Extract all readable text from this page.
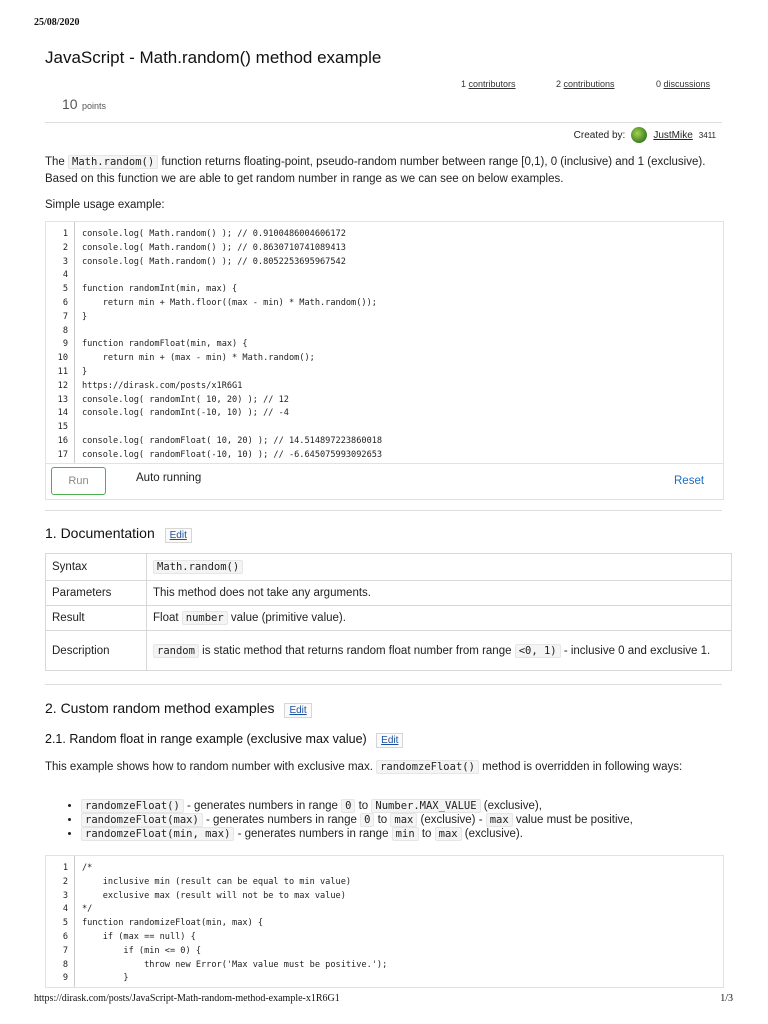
25/08/2020
JavaScript - Math.random() method example
1 contributors	2 contributions	0 discussions
10 points
Created by:	JustMike 3411
The Math.random() function returns floating-point, pseudo-random number between range [0,1), 0 (inclusive) and 1 (exclusive). Based on this function we are able to get random number in range as we can see on below examples.
Simple usage example:
1 console.log( Math.random() ); // 0.9100486004606172
2 console.log( Math.random() ); // 0.8630710741089413
3 console.log( Math.random() ); // 0.8052253695967542
4
5 function randomInt(min, max) {
6 return min + Math.floor((max - min) * Math.random());
7 }
8
9 function randomFloat(min, max) {
10 return min + (max - min) * Math.random();
11 }
12 https://dirask.com/posts/x1R6G1
13 console.log( randomInt( 10, 20) ); // 12
14 console.log( randomInt(-10, 10) ); // -4
15
16 console.log( randomFloat( 10, 20) ); // 14.514897223860018
17 console.log( randomFloat(-10, 10) ); // -6.645075993092653
Run	Auto running	Reset
1. Documentation Edit
Syntax	Math.random()
Parameters	This method does not take any arguments.
Result	Float number value (primitive value).
Description	random is static method that returns random float number from range <0, 1) - inclusive 0 and exclusive 1.
2. Custom random method examples Edit
2.1. Random float in range example (exclusive max value) Edit
This example shows how to random number with exclusive max. randomzeFloat() method is overridden in following ways:
• randomzeFloat() - generates numbers in range 0 to Number.MAX_VALUE (exclusive),
• randomzeFloat(max) - generates numbers in range 0 to max (exclusive) - max value must be positive,
• randomzeFloat(min, max) - generates numbers in range min to max (exclusive).
1 /*
2 inclusive min (result can be equal to min value)
3 exclusive max (result will not be to max value)
4 */
5 function randomizeFloat(min, max) {
6 if (max == null) {
7 if (min <= 0) {
8 throw new Error('Max value must be positive.');
9 }
https://dirask.com/posts/JavaScript-Math-random-method-example-x1R6G1	1/3
